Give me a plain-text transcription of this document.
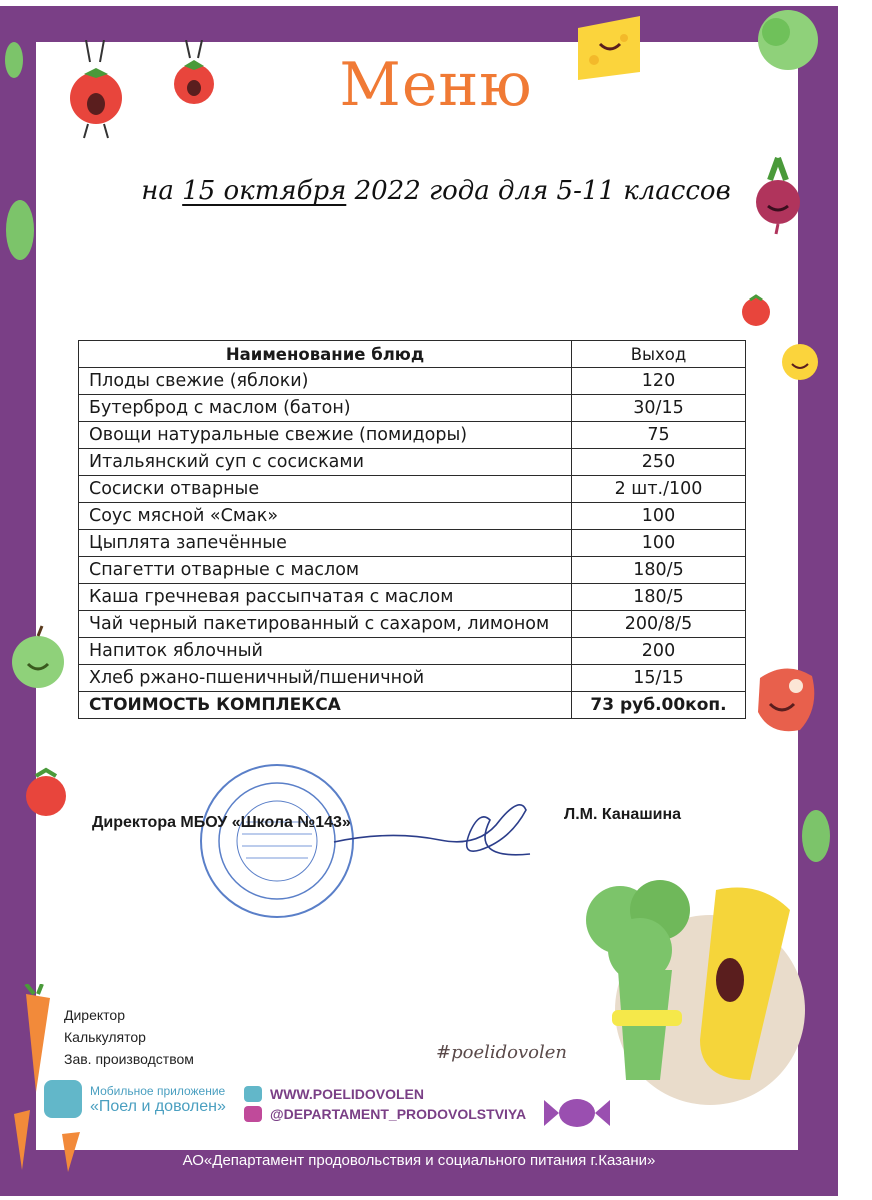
Меню
на 15 октября 2022 года для 5-11 классов
Наименование блюд	Выход
Плоды свежие (яблоки)	120
Бутерброд с маслом (батон)	30/15
Овощи натуральные свежие (помидоры)	75
Итальянский суп с сосисками	250
Сосиски отварные	2 шт./100
Соус мясной «Смак»	100
Цыплята запечённые	100
Спагетти отварные с маслом	180/5
Каша гречневая рассыпчатая с маслом	180/5
Чай черный пакетированный с сахаром, лимоном	200/8/5
Напиток яблочный	200
Хлеб ржано-пшеничный/пшеничной	15/15
СТОИМОСТЬ КОМПЛЕКСА	73 руб.00коп.
Директора МБОУ «Школа №143»	Л.М. Канашина
Директор
Калькулятор
Зав. производством	#poelidovolen
Мобильное приложение
«Поел и доволен»
WWW.POELIDOVOLEN
@DEPARTAMENT_PRODOVOLSTVIYA
АО«Департамент продовольствия и социального питания г.Казани»
